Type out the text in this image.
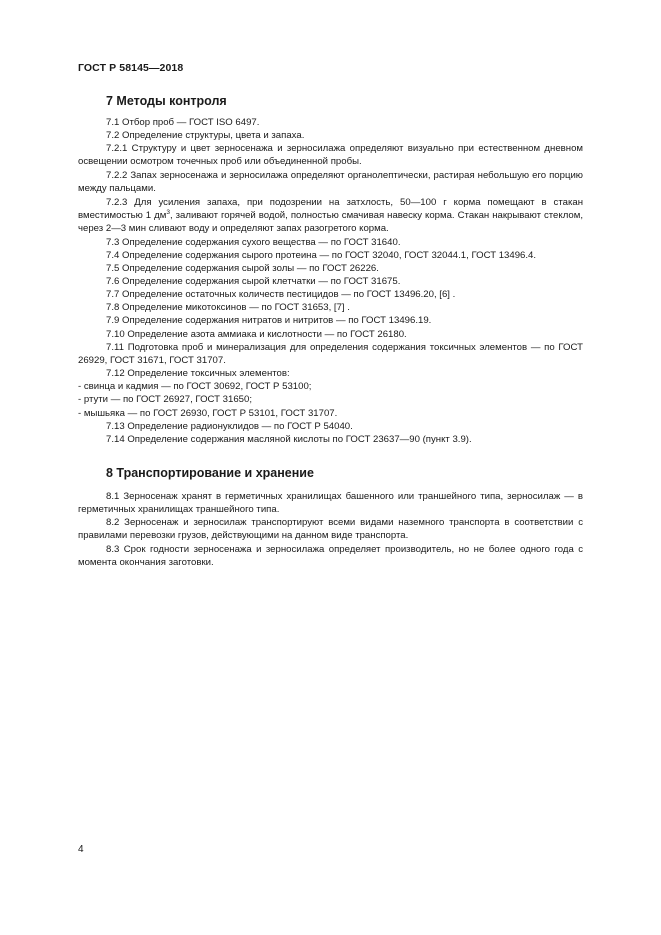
ГОСТ Р 58145—2018
7 Методы контроля
7.1 Отбор проб — ГОСТ ISO 6497.
7.2 Определение структуры, цвета и запаха.
7.2.1 Структуру и цвет зерносенажа и зерносилажа определяют визуально при естественном дневном освещении осмотром точечных проб или объединенной пробы.
7.2.2 Запах зерносенажа и зерносилажа определяют органолептически, растирая небольшую его порцию между пальцами.
7.2.3 Для усиления запаха, при подозрении на затхлость, 50—100 г корма помещают в стакан вместимостью 1 $дм^3$, заливают горячей водой, полностью смачивая навеску корма. Стакан накрывают стеклом, через 2—3 мин сливают воду и определяют запах разогретого корма.
7.3 Определение содержания сухого вещества — по ГОСТ 31640.
7.4 Определение содержания сырого протеина — по ГОСТ 32040, ГОСТ 32044.1, ГОСТ 13496.4.
7.5 Определение содержания сырой золы — по ГОСТ 26226.
7.6 Определение содержания сырой клетчатки — по ГОСТ 31675.
7.7 Определение остаточных количеств пестицидов — по ГОСТ 13496.20, [6] .
7.8 Определение микотоксинов — по ГОСТ 31653, [7] .
7.9 Определение содержания нитратов и нитритов — по ГОСТ 13496.19.
7.10 Определение азота аммиака и кислотности — по ГОСТ 26180.
7.11 Подготовка проб и минерализация для определения содержания токсичных элементов — по ГОСТ 26929, ГОСТ 31671, ГОСТ 31707.
7.12 Определение токсичных элементов:
- свинца и кадмия — по ГОСТ 30692, ГОСТ Р 53100;
- ртути — по ГОСТ 26927, ГОСТ 31650;
- мышьяка — по ГОСТ 26930, ГОСТ Р 53101, ГОСТ 31707.
7.13 Определение радионуклидов — по ГОСТ Р 54040.
7.14 Определение содержания масляной кислоты по ГОСТ 23637—90 (пункт 3.9).
8 Транспортирование и хранение
8.1 Зерносенаж хранят в герметичных хранилищах башенного или траншейного типа, зерносилаж — в герметичных хранилищах траншейного типа.
8.2 Зерносенаж и зерносилаж транспортируют всеми видами наземного транспорта в соответствии с правилами перевозки грузов, действующими на данном виде транспорта.
8.3 Срок годности зерносенажа и зерносилажа определяет производитель, но не более одного года с момента окончания заготовки.
4
